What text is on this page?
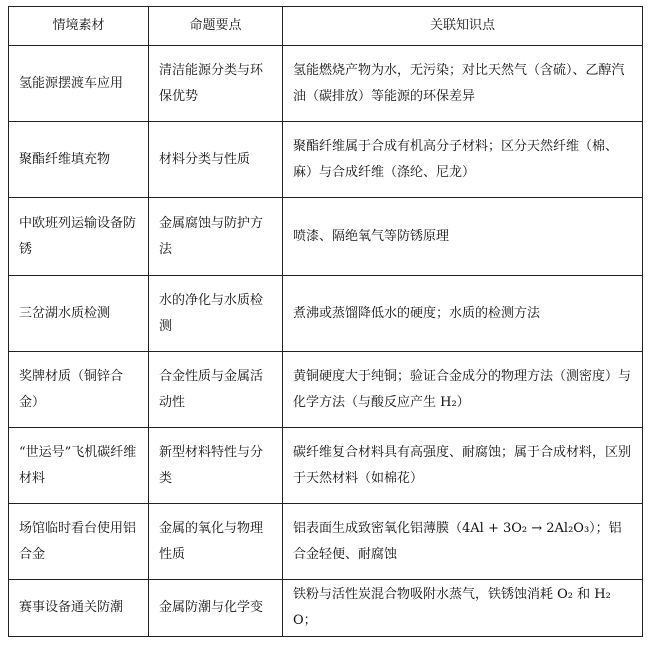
情境素材	命题要点	关联知识点
氢能源摆渡车应用	清洁能源分类与环保优势	氢能燃烧产物为水，无污染；对比天然气（含硫）、乙醇汽油（碳排放）等能源的环保差异
聚酯纤维填充物	材料分类与性质	聚酯纤维属于合成有机高分子材料；区分天然纤维（棉、麻）与合成纤维（涤纶、尼龙）
中欧班列运输设备防锈	金属腐蚀与防护方法	喷漆、隔绝氧气等防锈原理
三岔湖水质检测	水的净化与水质检测	煮沸或蒸馏降低水的硬度；水质的检测方法
奖牌材质（铜锌合金）	合金性质与金属活动性	黄铜硬度大于纯铜；验证合金成分的物理方法（测密度）与化学方法（与酸反应产生 H₂）
“世运号”飞机碳纤维材料	新型材料特性与分类	碳纤维复合材料具有高强度、耐腐蚀；属于合成材料，区别于天然材料（如棉花）
场馆临时看台使用铝合金	金属的氧化与物理性质	铝表面生成致密氧化铝薄膜（4Al + 3O₂ → 2Al₂O₃）；铝合金轻便、耐腐蚀
赛事设备通关防潮	金属防潮与化学变	铁粉与活性炭混合物吸附水蒸气，铁锈蚀消耗 O₂ 和 H₂O；
